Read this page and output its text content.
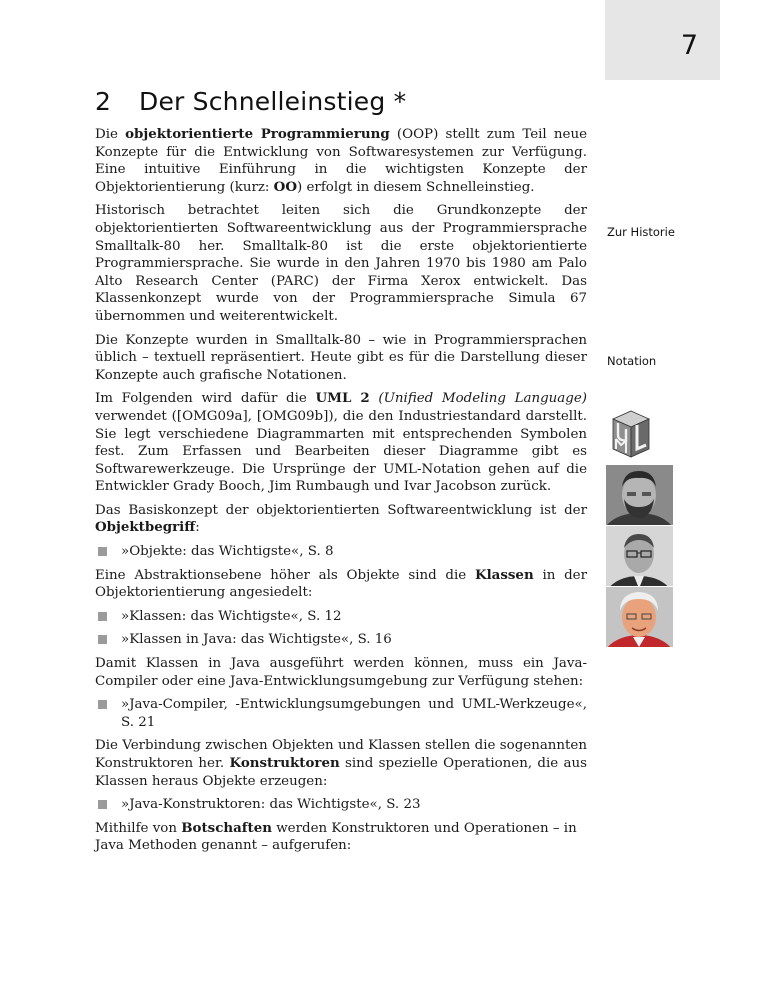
7
2 Der Schnelleinstieg *

Die objektorientierte Programmierung (OOP) stellt zum Teil neue Konzepte für die Entwicklung von Softwaresystemen zur Verfügung. Eine intuitive Einführung in die wichtigsten Konzepte der Objektorientierung (kurz: OO) erfolgt in diesem Schnelleinstieg.

Historisch betrachtet leiten sich die Grundkonzepte der objektorientierten Softwareentwicklung aus der Programmiersprache Smalltalk-80 her. Smalltalk-80 ist die erste objektorientierte Programmiersprache. Sie wurde in den Jahren 1970 bis 1980 am Palo Alto Research Center (PARC) der Firma Xerox entwickelt. Das Klassenkonzept wurde von der Programmiersprache Simula 67 übernommen und weiterentwickelt.

Die Konzepte wurden in Smalltalk-80 – wie in Programmiersprachen üblich – textuell repräsentiert. Heute gibt es für die Darstellung dieser Konzepte auch grafische Notationen.

Im Folgenden wird dafür die UML 2 (Unified Modeling Language) verwendet ([OMG09a], [OMG09b]), die den Industriestandard darstellt. Sie legt verschiedene Diagrammarten mit entsprechenden Symbolen fest. Zum Erfassen und Bearbeiten dieser Diagramme gibt es Softwarewerkzeuge. Die Ursprünge der UML-Notation gehen auf die Entwickler Grady Booch, Jim Rumbaugh und Ivar Jacobson zurück.

Das Basiskonzept der objektorientierten Softwareentwicklung ist der Objektbegriff:

»Objekte: das Wichtigste«, S. 8

Eine Abstraktionsebene höher als Objekte sind die Klassen in der Objektorientierung angesiedelt:

»Klassen: das Wichtigste«, S. 12
»Klassen in Java: das Wichtigste«, S. 16

Damit Klassen in Java ausgeführt werden können, muss ein Java-Compiler oder eine Java-Entwicklungsumgebung zur Verfügung stehen:

»Java-Compiler, -Entwicklungsumgebungen und UML-Werkzeuge«, S. 21

Die Verbindung zwischen Objekten und Klassen stellen die sogenannten Konstruktoren her. Konstruktoren sind spezielle Operationen, die aus Klassen heraus Objekte erzeugen:

»Java-Konstruktoren: das Wichtigste«, S. 23

Mithilfe von Botschaften werden Konstruktoren und Operationen – in Java Methoden genannt – aufgerufen:

Zur Historie
Notation
